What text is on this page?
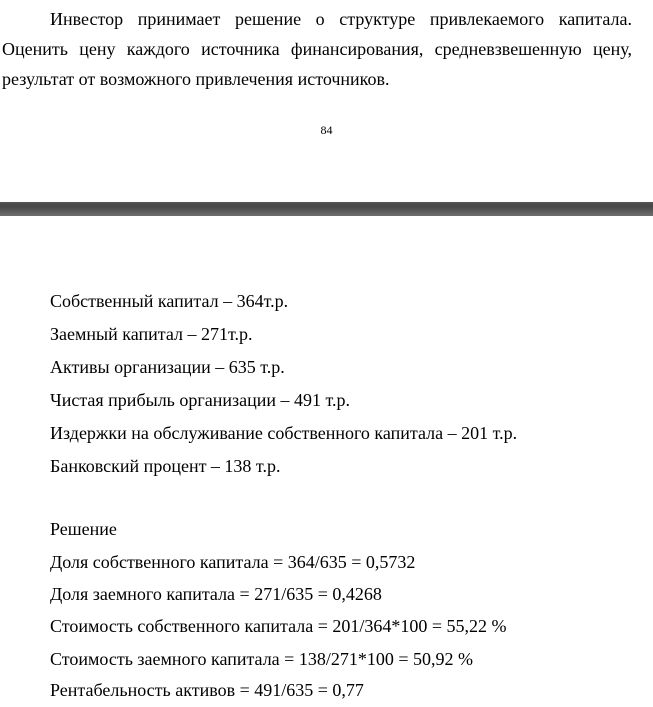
Инвестор принимает решение о структуре привлекаемого капитала. Оценить цену каждого источника финансирования, средневзвешенную цену, результат от возможного привлечения источников.

84

Собственный капитал – 364т.р.

Заемный капитал – 271т.р.

Активы организации – 635 т.р.

Чистая прибыль организации – 491 т.р.

Издержки на обслуживание собственного капитала – 201 т.р.

Банковский процент – 138 т.р.

Решение

Доля собственного капитала = 364/635 = 0,5732

Доля заемного капитала = 271/635 = 0,4268

Стоимость собственного капитала = 201/364*100 = 55,22 %

Стоимость заемного капитала = 138/271*100 = 50,92 %

Рентабельность активов = 491/635 = 0,77
